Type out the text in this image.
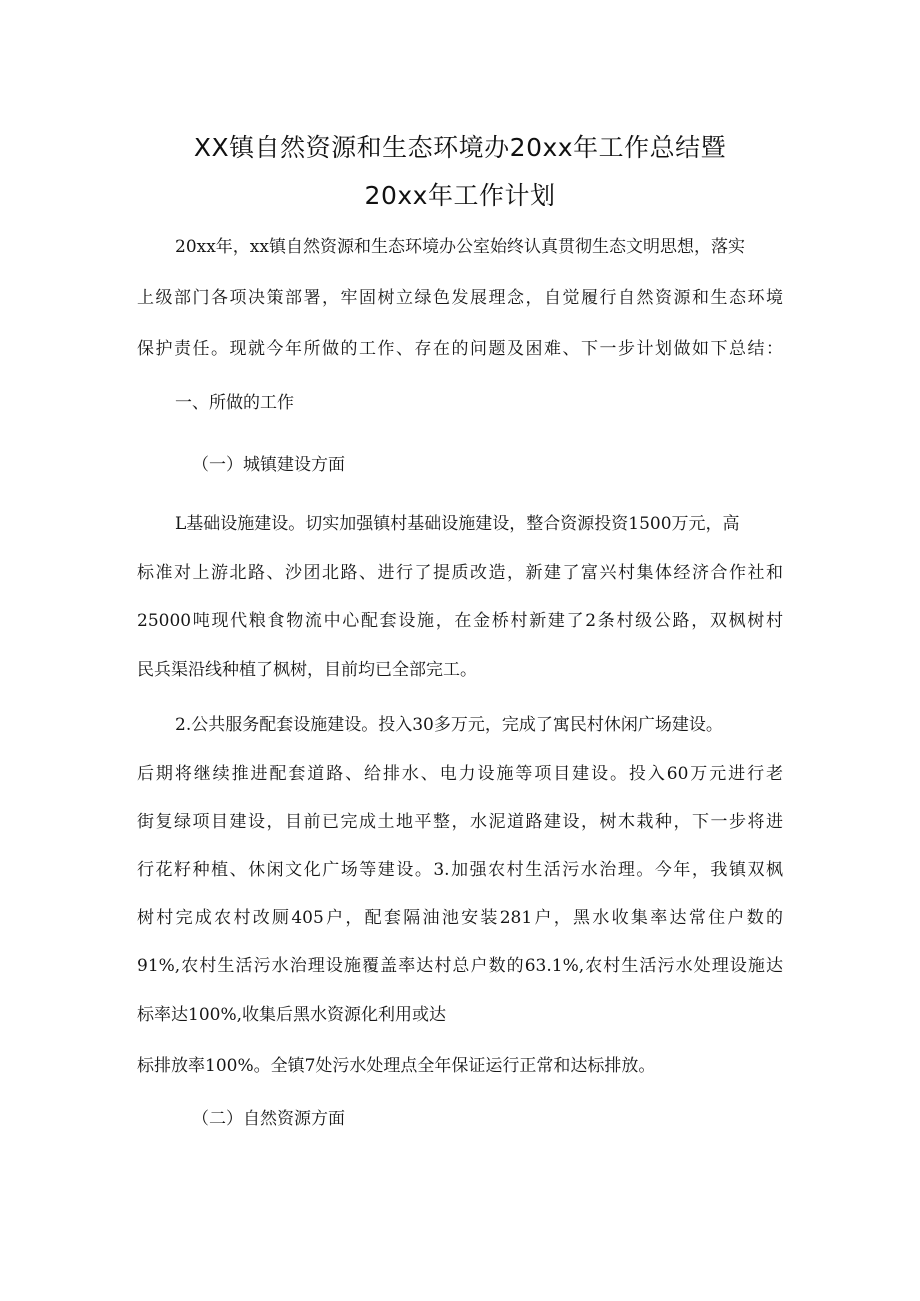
XX镇自然资源和生态环境办20xx年工作总结暨
20xx年工作计划
20xx年，xx镇自然资源和生态环境办公室始终认真贯彻生态文明思想，落实
上级部门各项决策部署，牢固树立绿色发展理念，自觉履行自然资源和生态环境
保护责任。现就今年所做的工作、存在的问题及困难、下一步计划做如下总结：
一、所做的工作
（一）城镇建设方面
L基础设施建设。切实加强镇村基础设施建设，整合资源投资1500万元，高
标准对上游北路、沙团北路、进行了提质改造，新建了富兴村集体经济合作社和
25000吨现代粮食物流中心配套设施，在金桥村新建了2条村级公路，双枫树村
民兵渠沿线种植了枫树，目前均已全部完工。
2.公共服务配套设施建设。投入30多万元，完成了寓民村休闲广场建设。
后期将继续推进配套道路、给排水、电力设施等项目建设。投入60万元进行老
街复绿项目建设，目前已完成土地平整，水泥道路建设，树木栽种，下一步将进
行花籽种植、休闲文化广场等建设。3.加强农村生活污水治理。今年，我镇双枫
树村完成农村改厕405户，配套隔油池安装281户，黑水收集率达常住户数的
91%,农村生活污水治理设施覆盖率达村总户数的63.1%,农村生活污水处理设施达
标率达100%,收集后黑水资源化利用或达
标排放率100%。全镇7处污水处理点全年保证运行正常和达标排放。
（二）自然资源方面
